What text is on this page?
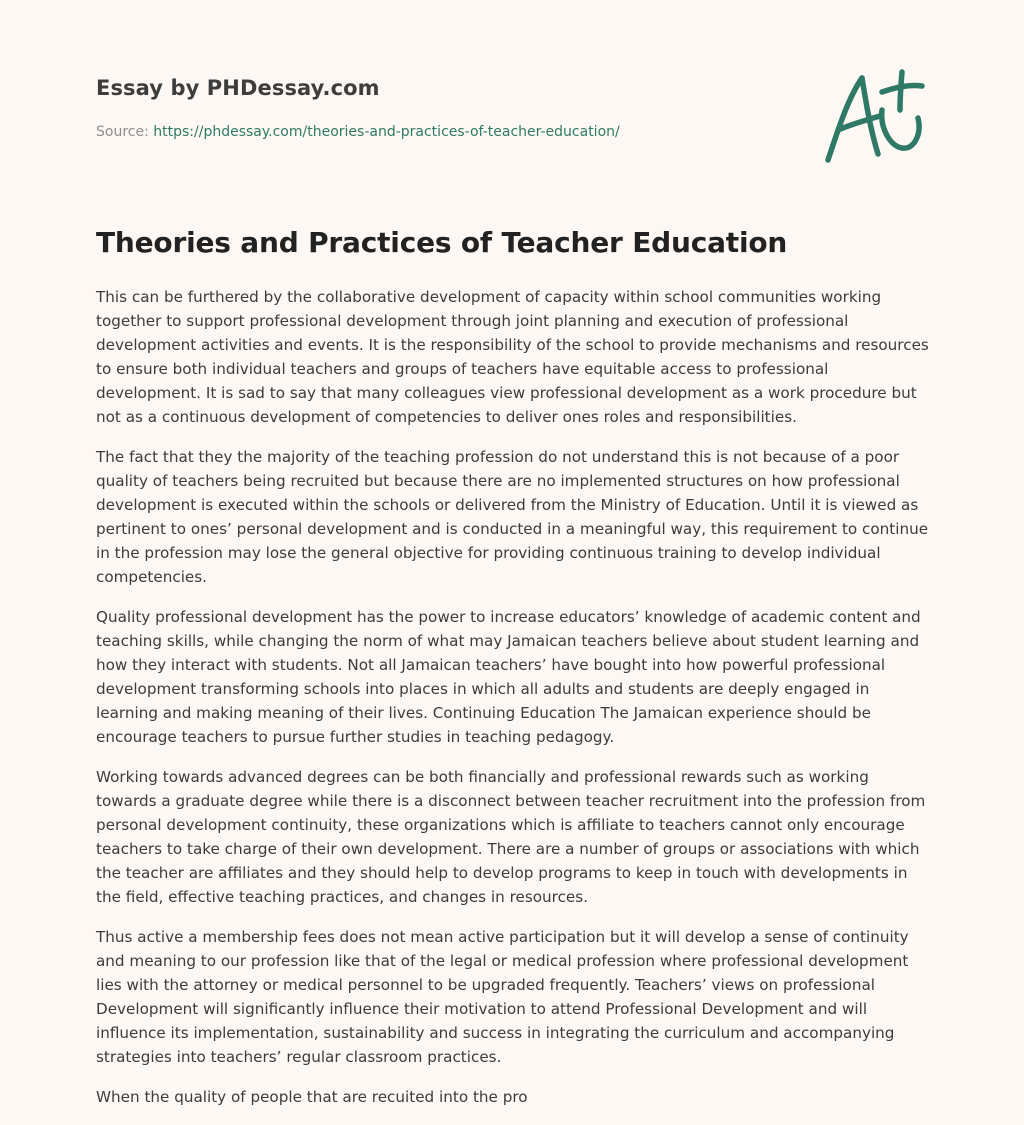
Essay by PHDessay.com
Source: https://phdessay.com/theories-and-practices-of-teacher-education/
Theories and Practices of Teacher Education

This can be furthered by the collaborative development of capacity within school communities working together to support professional development through joint planning and execution of professional development activities and events. It is the responsibility of the school to provide mechanisms and resources to ensure both individual teachers and groups of teachers have equitable access to professional development. It is sad to say that many colleagues view professional development as a work procedure but not as a continuous development of competencies to deliver ones roles and responsibilities.

The fact that they the majority of the teaching profession do not understand this is not because of a poor quality of teachers being recruited but because there are no implemented structures on how professional development is executed within the schools or delivered from the Ministry of Education. Until it is viewed as pertinent to ones’ personal development and is conducted in a meaningful way, this requirement to continue in the profession may lose the general objective for providing continuous training to develop individual competencies.

Quality professional development has the power to increase educators’ knowledge of academic content and teaching skills, while changing the norm of what may Jamaican teachers believe about student learning and how they interact with students. Not all Jamaican teachers’ have bought into how powerful professional development transforming schools into places in which all adults and students are deeply engaged in learning and making meaning of their lives. Continuing Education The Jamaican experience should be encourage teachers to pursue further studies in teaching pedagogy.

Working towards advanced degrees can be both financially and professional rewards such as working towards a graduate degree while there is a disconnect between teacher recruitment into the profession from personal development continuity, these organizations which is affiliate to teachers cannot only encourage teachers to take charge of their own development. There are a number of groups or associations with which the teacher are affiliates and they should help to develop programs to keep in touch with developments in the field, effective teaching practices, and changes in resources.

Thus active a membership fees does not mean active participation but it will develop a sense of continuity and meaning to our profession like that of the legal or medical profession where professional development lies with the attorney or medical personnel to be upgraded frequently. Teachers’ views on professional Development will significantly influence their motivation to attend Professional Development and will influence its implementation, sustainability and success in integrating the curriculum and accompanying strategies into teachers’ regular classroom practices.

When the quality of people that are recuited into the pro
